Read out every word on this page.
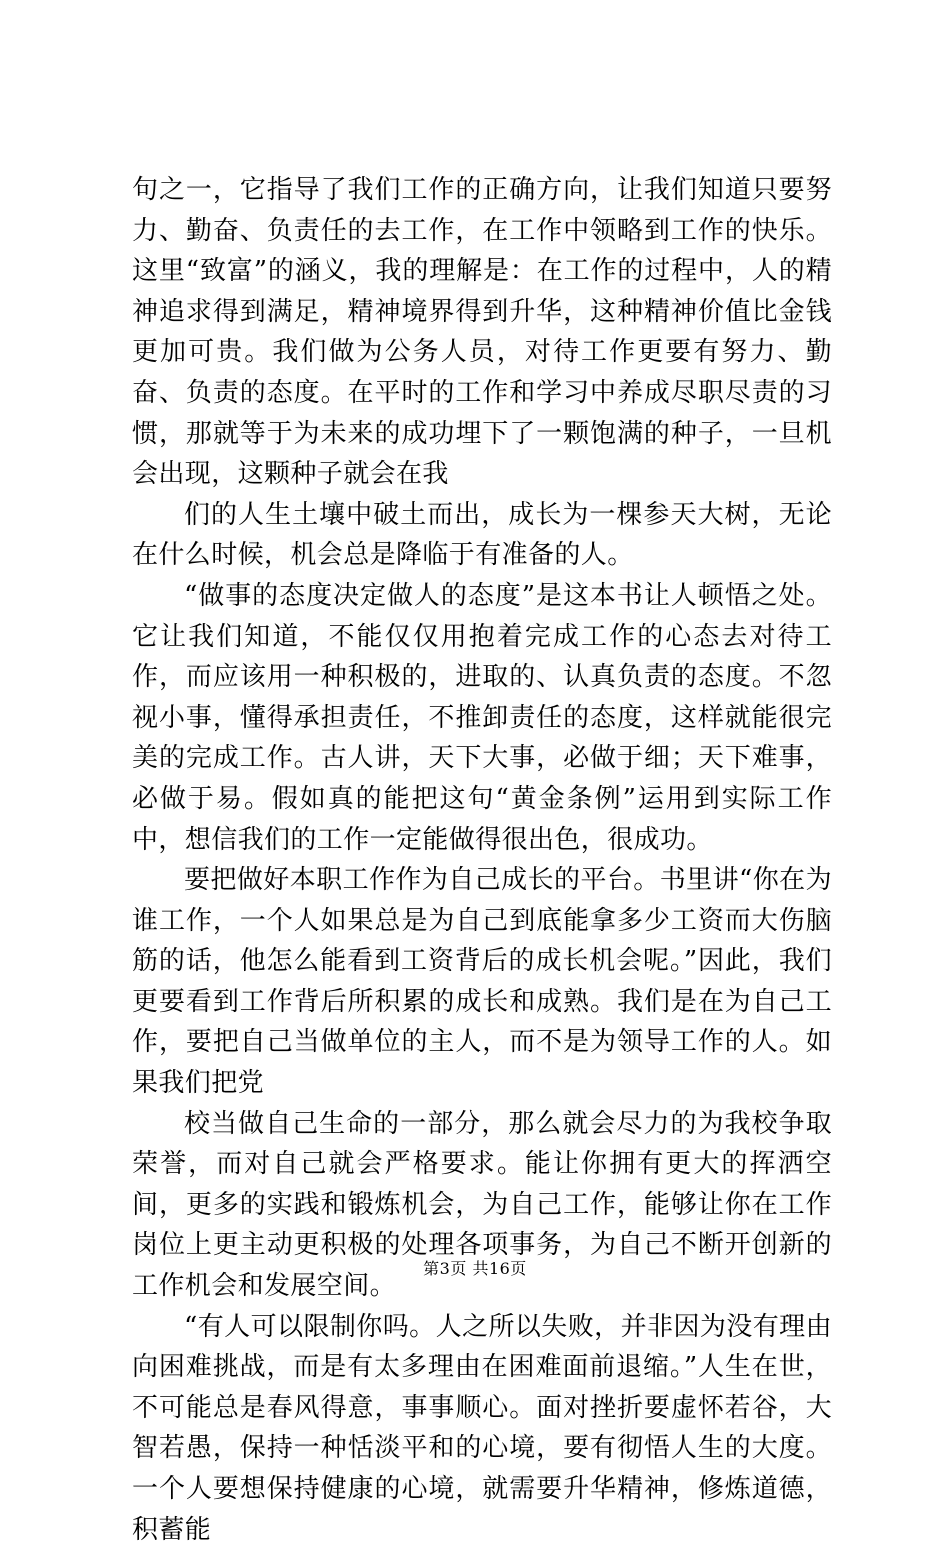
句之一，它指导了我们工作的正确方向，让我们知道只要努力、勤奋、负责任的去工作，在工作中领略到工作的快乐。这里“致富”的涵义，我的理解是：在工作的过程中，人的精神追求得到满足，精神境界得到升华，这种精神价值比金钱更加可贵。我们做为公务人员，对待工作更要有努力、勤奋、负责的态度。在平时的工作和学习中养成尽职尽责的习惯，那就等于为未来的成功埋下了一颗饱满的种子，一旦机会出现，这颗种子就会在我

们的人生土壤中破土而出，成长为一棵参天大树，无论在什么时候，机会总是降临于有准备的人。

“做事的态度决定做人的态度”是这本书让人顿悟之处。它让我们知道，不能仅仅用抱着完成工作的心态去对待工作，而应该用一种积极的，进取的、认真负责的态度。不忽视小事，懂得承担责任，不推卸责任的态度，这样就能很完美的完成工作。古人讲，天下大事，必做于细；天下难事，必做于易。假如真的能把这句“黄金条例”运用到实际工作中，想信我们的工作一定能做得很出色，很成功。

要把做好本职工作作为自己成长的平台。书里讲“你在为谁工作，一个人如果总是为自己到底能拿多少工资而大伤脑筋的话，他怎么能看到工资背后的成长机会呢。”因此，我们更要看到工作背后所积累的成长和成熟。我们是在为自己工作，要把自己当做单位的主人，而不是为领导工作的人。如果我们把党

校当做自己生命的一部分，那么就会尽力的为我校争取荣誉，而对自己就会严格要求。能让你拥有更大的挥洒空间，更多的实践和锻炼机会，为自己工作，能够让你在工作岗位上更主动更积极的处理各项事务，为自己不断开创新的工作机会和发展空间。

“有人可以限制你吗。人之所以失败，并非因为没有理由向困难挑战，而是有太多理由在困难面前退缩。”人生在世，不可能总是春风得意，事事顺心。面对挫折要虚怀若谷，大智若愚，保持一种恬淡平和的心境，要有彻悟人生的大度。一个人要想保持健康的心境，就需要升华精神，修炼道德，积蓄能

第3页 共16页
